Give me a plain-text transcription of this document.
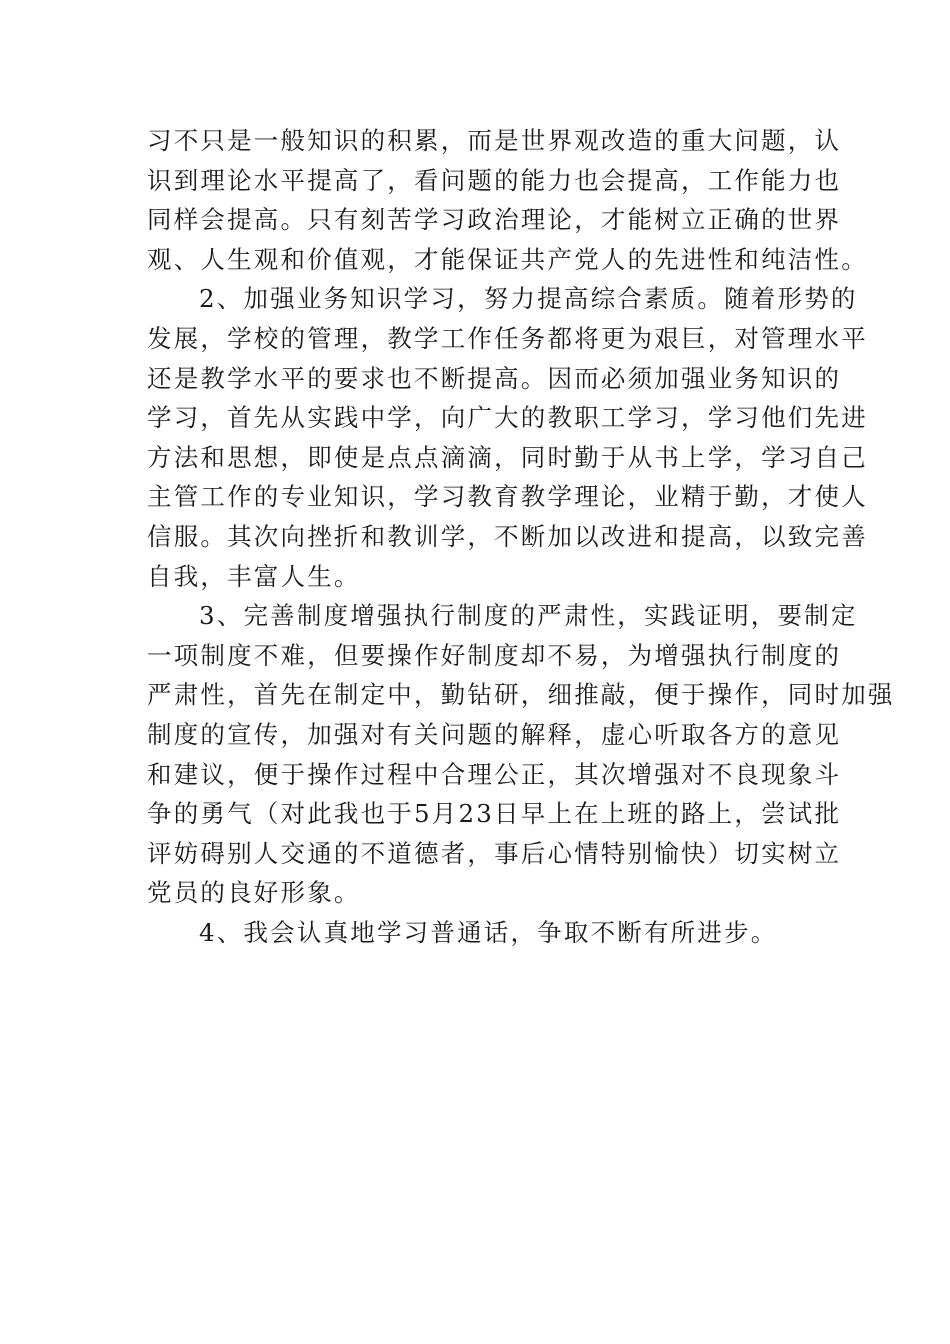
习不只是一般知识的积累，而是世界观改造的重大问题，认
识到理论水平提高了，看问题的能力也会提高，工作能力也
同样会提高。只有刻苦学习政治理论，才能树立正确的世界
观、人生观和价值观，才能保证共产党人的先进性和纯洁性。
2、加强业务知识学习，努力提高综合素质。随着形势的
发展，学校的管理，教学工作任务都将更为艰巨，对管理水平
还是教学水平的要求也不断提高。因而必须加强业务知识的
学习，首先从实践中学，向广大的教职工学习，学习他们先进
方法和思想，即使是点点滴滴，同时勤于从书上学，学习自己
主管工作的专业知识，学习教育教学理论，业精于勤，才使人
信服。其次向挫折和教训学，不断加以改进和提高，以致完善
自我，丰富人生。
3、完善制度增强执行制度的严肃性，实践证明，要制定
一项制度不难，但要操作好制度却不易，为增强执行制度的
严肃性，首先在制定中，勤钻研，细推敲，便于操作，同时加强
制度的宣传，加强对有关问题的解释，虚心听取各方的意见
和建议，便于操作过程中合理公正，其次增强对不良现象斗
争的勇气（对此我也于5月23日早上在上班的路上，尝试批
评妨碍别人交通的不道德者，事后心情特别愉快）切实树立
党员的良好形象。
4、我会认真地学习普通话，争取不断有所进步。
